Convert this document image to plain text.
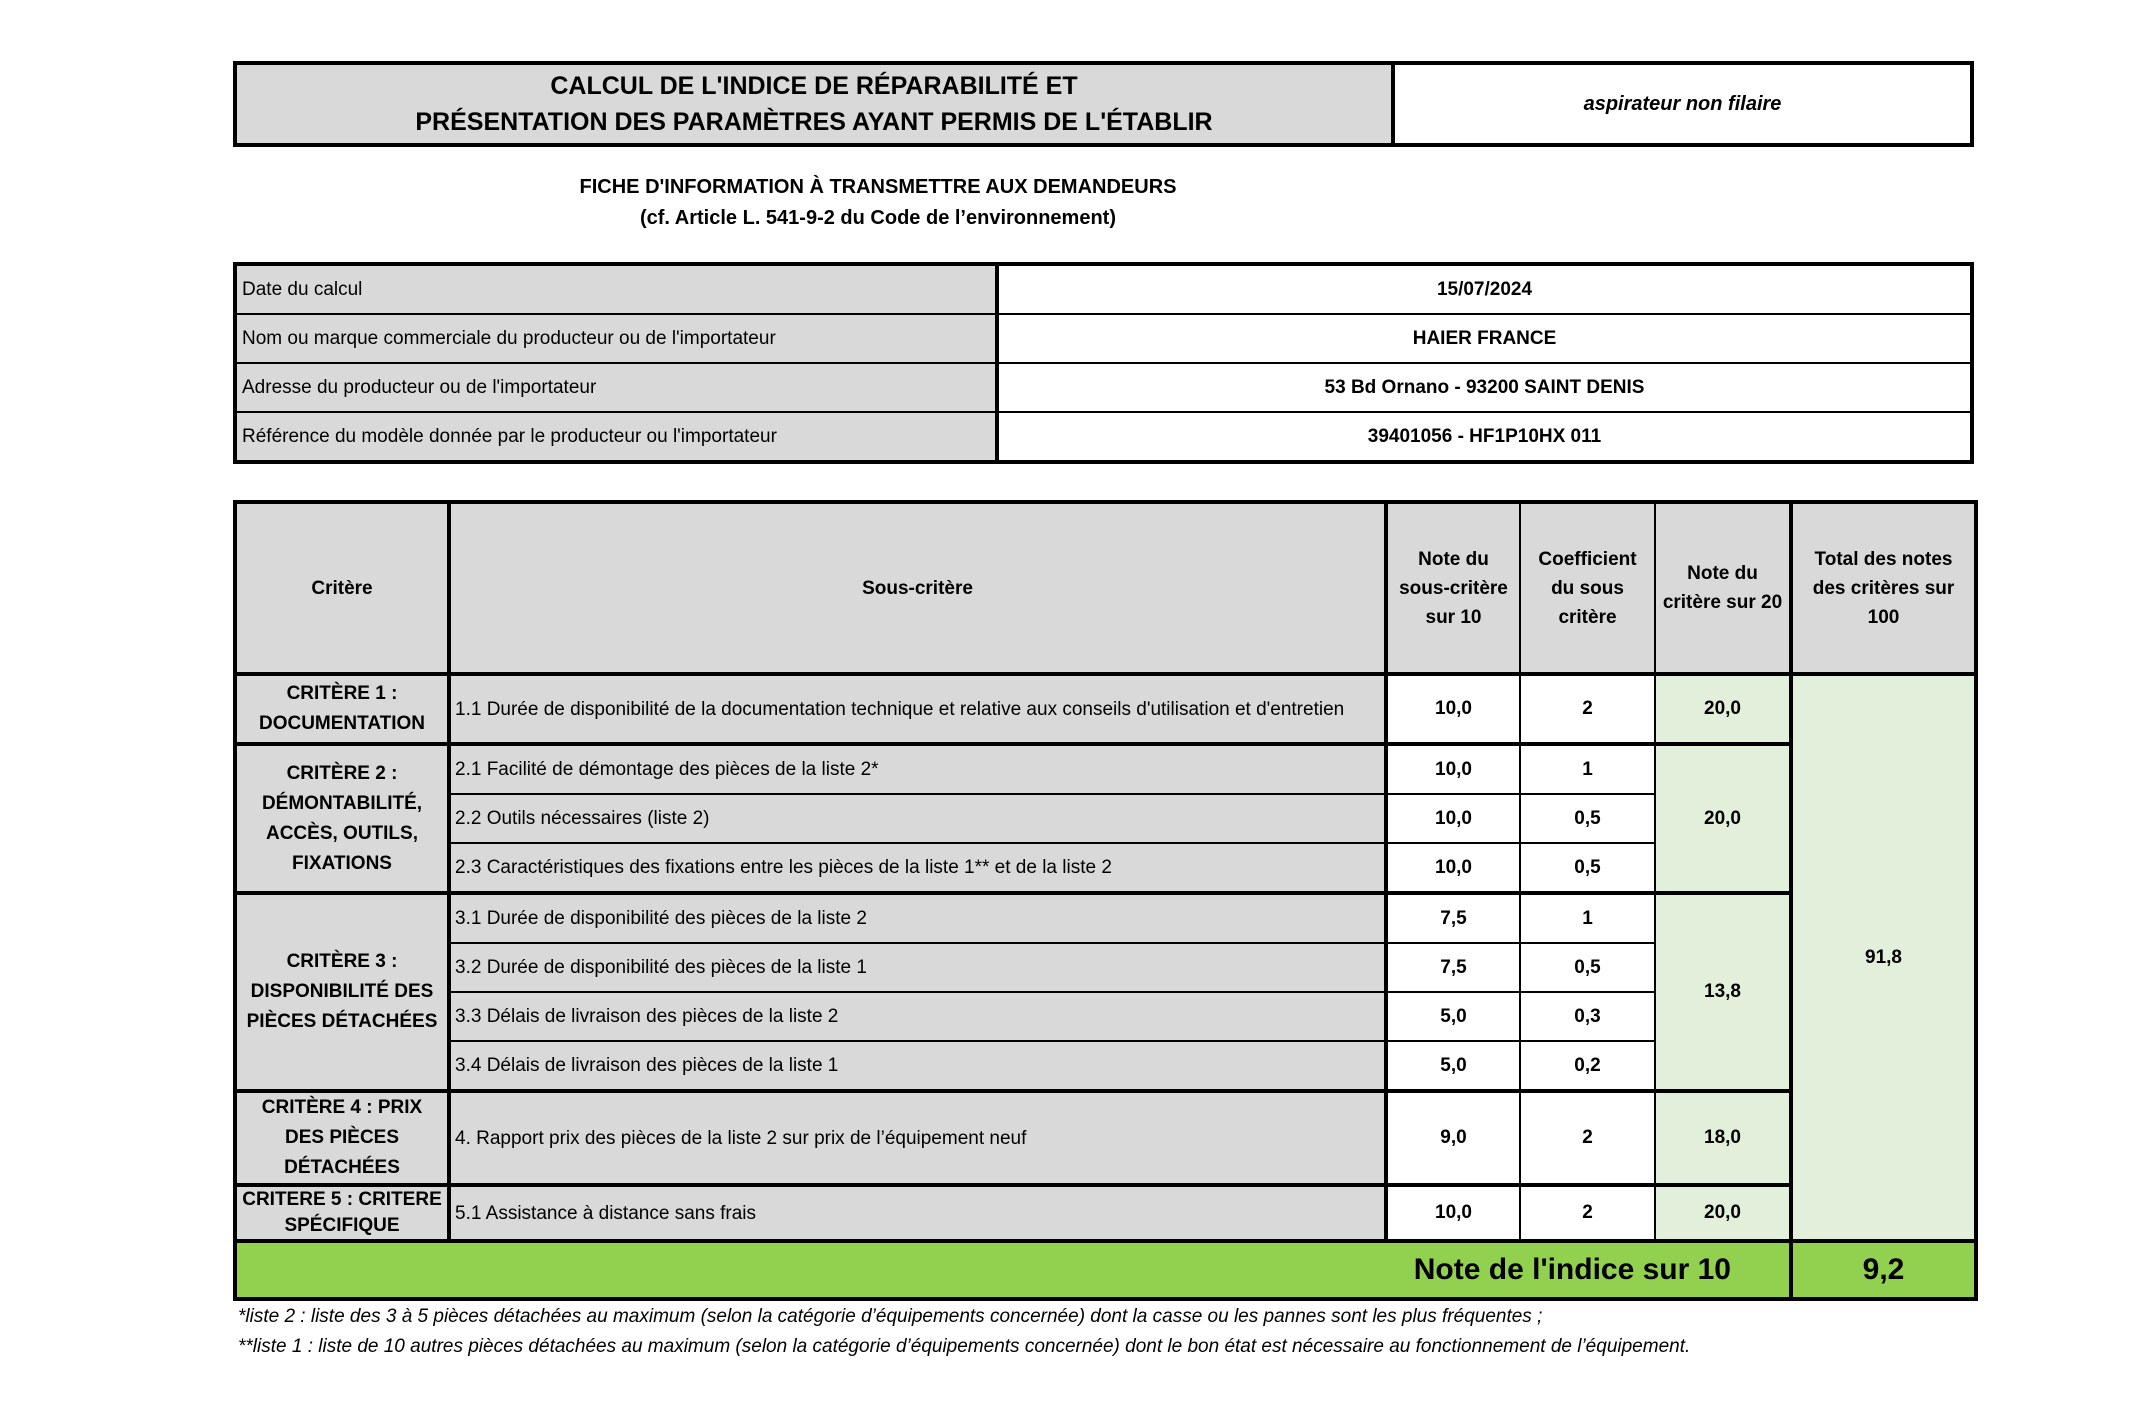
CALCUL DE L'INDICE DE RÉPARABILITÉ ET
PRÉSENTATION DES PARAMÈTRES AYANT PERMIS DE L'ÉTABLIR
aspirateur non filaire
FICHE D'INFORMATION À TRANSMETTRE AUX DEMANDEURS
(cf. Article L. 541-9-2 du Code de l’environnement)
Date du calcul	15/07/2024
Nom ou marque commerciale du producteur ou de l'importateur	HAIER FRANCE
Adresse du producteur ou de l'importateur	53 Bd Ornano - 93200 SAINT DENIS
Référence du modèle donnée par le producteur ou l'importateur	39401056 - HF1P10HX 011
Critère	Sous-critère	Note du sous-critère sur 10	Coefficient du sous critère	Note du critère sur 20	Total des notes des critères sur 100
CRITÈRE 1 : DOCUMENTATION	1.1 Durée de disponibilité de la documentation technique et relative aux conseils d'utilisation et d'entretien	10,0	2	20,0	91,8
CRITÈRE 2 : DÉMONTABILITÉ, ACCÈS, OUTILS, FIXATIONS	2.1 Facilité de démontage des pièces de la liste 2*	10,0	1	20,0	
	2.2 Outils nécessaires (liste 2)	10,0	0,5		
	2.3 Caractéristiques des fixations entre les pièces de la liste 1** et de la liste 2	10,0	0,5		
CRITÈRE 3 : DISPONIBILITÉ DES PIÈCES DÉTACHÉES	3.1 Durée de disponibilité des pièces de la liste 2	7,5	1	13,8	
	3.2 Durée de disponibilité des pièces de la liste 1	7,5	0,5		
	3.3 Délais de livraison des pièces de la liste 2	5,0	0,3		
	3.4 Délais de livraison des pièces de la liste 1	5,0	0,2		
CRITÈRE 4 : PRIX DES PIÈCES DÉTACHÉES	4. Rapport prix des pièces de la liste 2 sur prix de l’équipement neuf	9,0	2	18,0	
CRITERE 5 : CRITERE SPÉCIFIQUE	5.1 Assistance à distance sans frais	10,0	2	20,0	
Note de l'indice sur 10					9,2
*liste 2 : liste des 3 à 5 pièces détachées au maximum (selon la catégorie d’équipements concernée) dont la casse ou les pannes sont les plus fréquentes ;
**liste 1 : liste de 10 autres pièces détachées au maximum (selon la catégorie d’équipements concernée) dont le bon état est nécessaire au fonctionnement de l’équipement.
